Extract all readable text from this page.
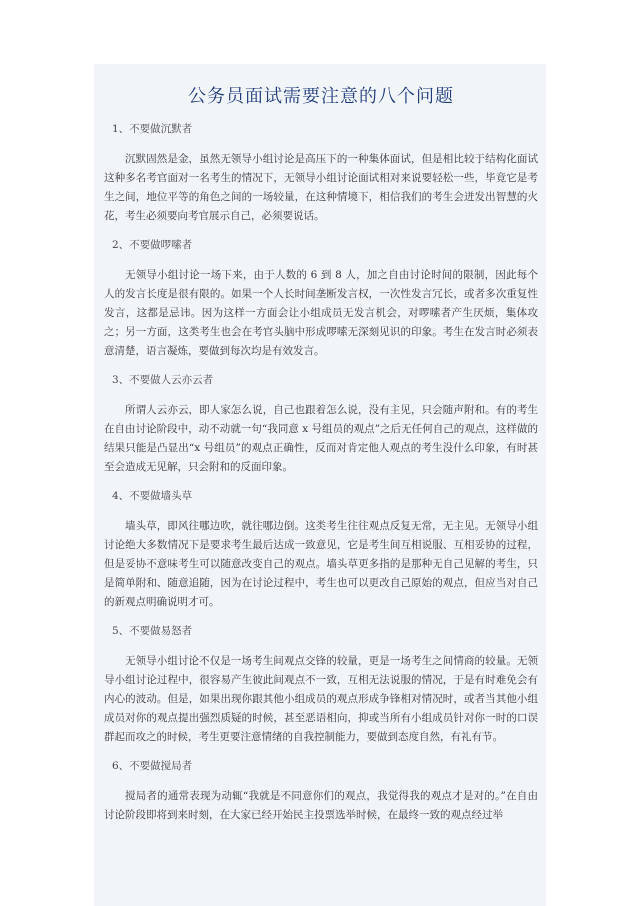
公务员面试需要注意的八个问题
1、不要做沉默者

沉默固然是金，虽然无领导小组讨论是高压下的一种集体面试，但是相比较于结构化面试这种多名考官面对一名考生的情况下，无领导小组讨论面试相对来说要轻松一些，毕竟它是考生之间，地位平等的角色之间的一场较量，在这种情境下，相信我们的考生会迸发出智慧的火花，考生必须要向考官展示自己，必须要说话。

2、不要做啰嗦者

无领导小组讨论一场下来，由于人数的 6 到 8 人，加之自由讨论时间的限制，因此每个人的发言长度是很有限的。如果一个人长时间垄断发言权，一次性发言冗长，或者多次重复性发言，这都是忌讳。因为这样一方面会让小组成员无发言机会，对啰嗦者产生厌烦，集体攻之；另一方面，这类考生也会在考官头脑中形成啰嗦无深刻见识的印象。考生在发言时必须表意清楚，语言凝炼，要做到每次均是有效发言。

3、不要做人云亦云者

所谓人云亦云，即人家怎么说，自己也跟着怎么说，没有主见，只会随声附和。有的考生在自由讨论阶段中，动不动就一句“我同意 x 号组员的观点”之后无任何自己的观点，这样做的结果只能是凸显出“x 号组员”的观点正确性，反而对肯定他人观点的考生没什么印象，有时甚至会造成无见解，只会附和的反面印象。

4、不要做墙头草

墙头草，即风往哪边吹，就往哪边倒。这类考生往往观点反复无常，无主见。无领导小组讨论绝大多数情况下是要求考生最后达成一致意见，它是考生间互相说服、互相妥协的过程，但是妥协不意味考生可以随意改变自己的观点。墙头草更多指的是那种无自己见解的考生，只是简单附和、随意追随，因为在讨论过程中，考生也可以更改自己原始的观点，但应当对自己的新观点明确说明才可。

5、不要做易怒者

无领导小组讨论不仅是一场考生间观点交锋的较量，更是一场考生之间情商的较量。无领导小组讨论过程中，很容易产生彼此间观点不一致，互相无法说服的情况，于是有时难免会有内心的波动。但是，如果出现你跟其他小组成员的观点形成争锋相对情况时，或者当其他小组成员对你的观点提出强烈质疑的时候，甚至恶语相向，抑或当所有小组成员针对你一时的口误群起而攻之的时候，考生更要注意情绪的自我控制能力，要做到态度自然，有礼有节。

6、不要做搅局者

搅局者的通常表现为动辄“我就是不同意你们的观点，我觉得我的观点才是对的。”在自由讨论阶段即将到来时刻，在大家已经开始民主投票选举时候，在最终一致的观点经过举
